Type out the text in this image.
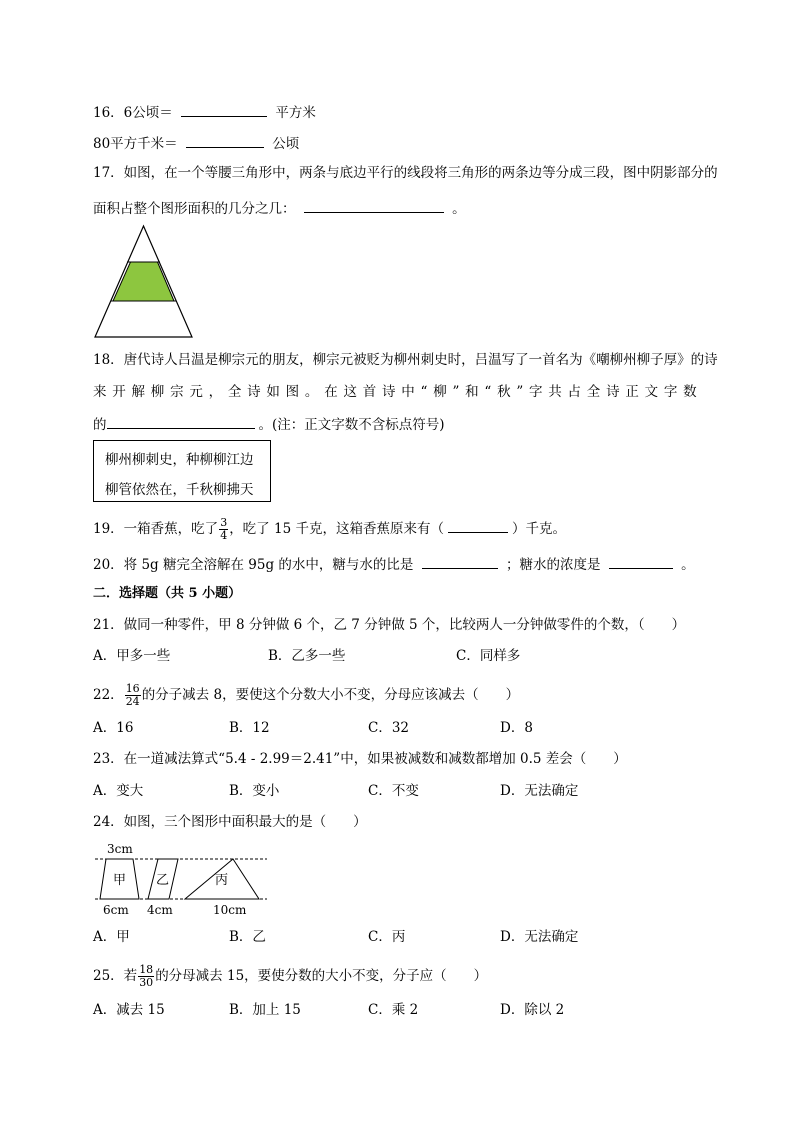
16．6公顷＝	平方米
80平方千米＝	公顷
17．如图，在一个等腰三角形中，两条与底边平行的线段将三角形的两条边等分成三段，图中阴影部分的
面积占整个图形面积的几分之几：	。
18．唐代诗人吕温是柳宗元的朋友，柳宗元被贬为柳州刺史时，吕温写了一首名为《嘲柳州柳子厚》的诗
来 开 解 柳 宗 元 ， 全 诗 如 图 。 在 这 首 诗 中 “ 柳 ” 和 “ 秋 ” 字 共 占 全 诗 正 文 字 数
的	。(注：正文字数不含标点符号)
柳州柳刺史，种柳柳江边
柳管依然在，千秋柳拂天
19．一箱香蕉，吃了 $\frac{3}{4}$ ，吃了 15 千克，这箱香蕉原来有（	）千克。
20．将 5g 糖完全溶解在 95g 的水中，糖与水的比是	；糖水的浓度是	。
二．选择题（共 5 小题）
21．做同一种零件，甲 8 分钟做 6 个，乙 7 分钟做 5 个，比较两人一分钟做零件的个数，（　　）
A．甲多一些	B．乙多一些	C．同样多
22． $\frac{16}{24}$ 的分子减去 8，要使这个分数大小不变，分母应该减去（　　）
A．16	B．12	C．32	D．8
23．在一道减法算式“5.4 - 2.99＝2.41”中，如果被减数和减数都增加 0.5 差会（　　）
A．变大	B．变小	C．不变	D．无法确定
24．如图，三个图形中面积最大的是（　　）
3cm
甲 乙	丙
6cm 4cm	10cm
A．甲	B．乙	C．丙	D．无法确定
25．若 $\frac{18}{30}$ 的分母减去 15，要使分数的大小不变，分子应（　　）
A．减去 15	B．加上 15	C．乘 2	D．除以 2
